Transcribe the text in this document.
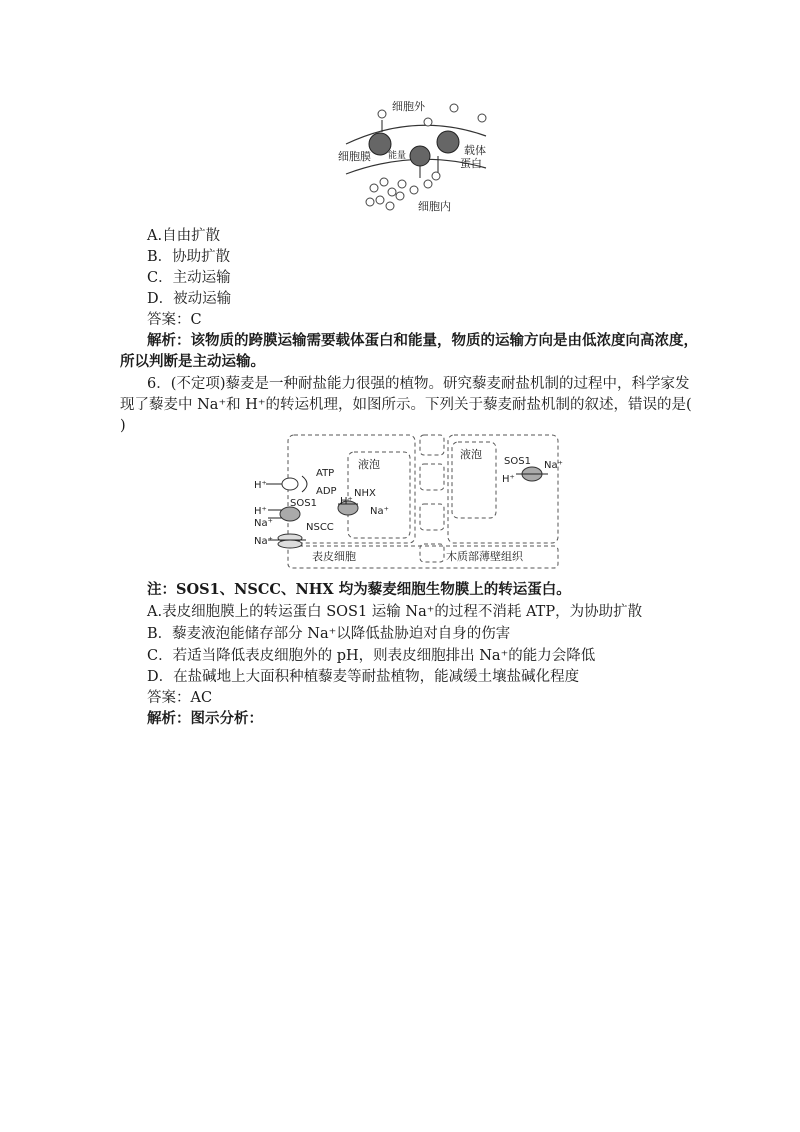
细胞外
细胞膜 能量	载体
蛋白
细胞内
A.自由扩散
B．协助扩散
C．主动运输
D．被动运输
答案：C
解析：该物质的跨膜运输需要载体蛋白和能量，物质的运输方向是由低浓度向高浓度，
所以判断是主动运输。
6．(不定项)藜麦是一种耐盐能力很强的植物。研究藜麦耐盐机制的过程中，科学家发
现了藜麦中 Na⁺和 H⁺的转运机理，如图所示。下列关于藜麦耐盐机制的叙述，错误的是(
)
H⁺
ATP
ADP
H⁺
SOS1
Na⁺	NSCC
Na⁺
液泡
NHX
H⁺
Na⁺
表皮细胞
液泡
SOS1
H⁺
Na⁺
木质部薄壁组织
注：SOS1、NSCC、NHX 均为藜麦细胞生物膜上的转运蛋白。
A.表皮细胞膜上的转运蛋白 SOS1 运输 Na⁺的过程不消耗 ATP，为协助扩散
B．藜麦液泡能储存部分 Na⁺以降低盐胁迫对自身的伤害
C．若适当降低表皮细胞外的 pH，则表皮细胞排出 Na⁺的能力会降低
D．在盐碱地上大面积种植藜麦等耐盐植物，能减缓土壤盐碱化程度
答案：AC
解析：图示分析：
